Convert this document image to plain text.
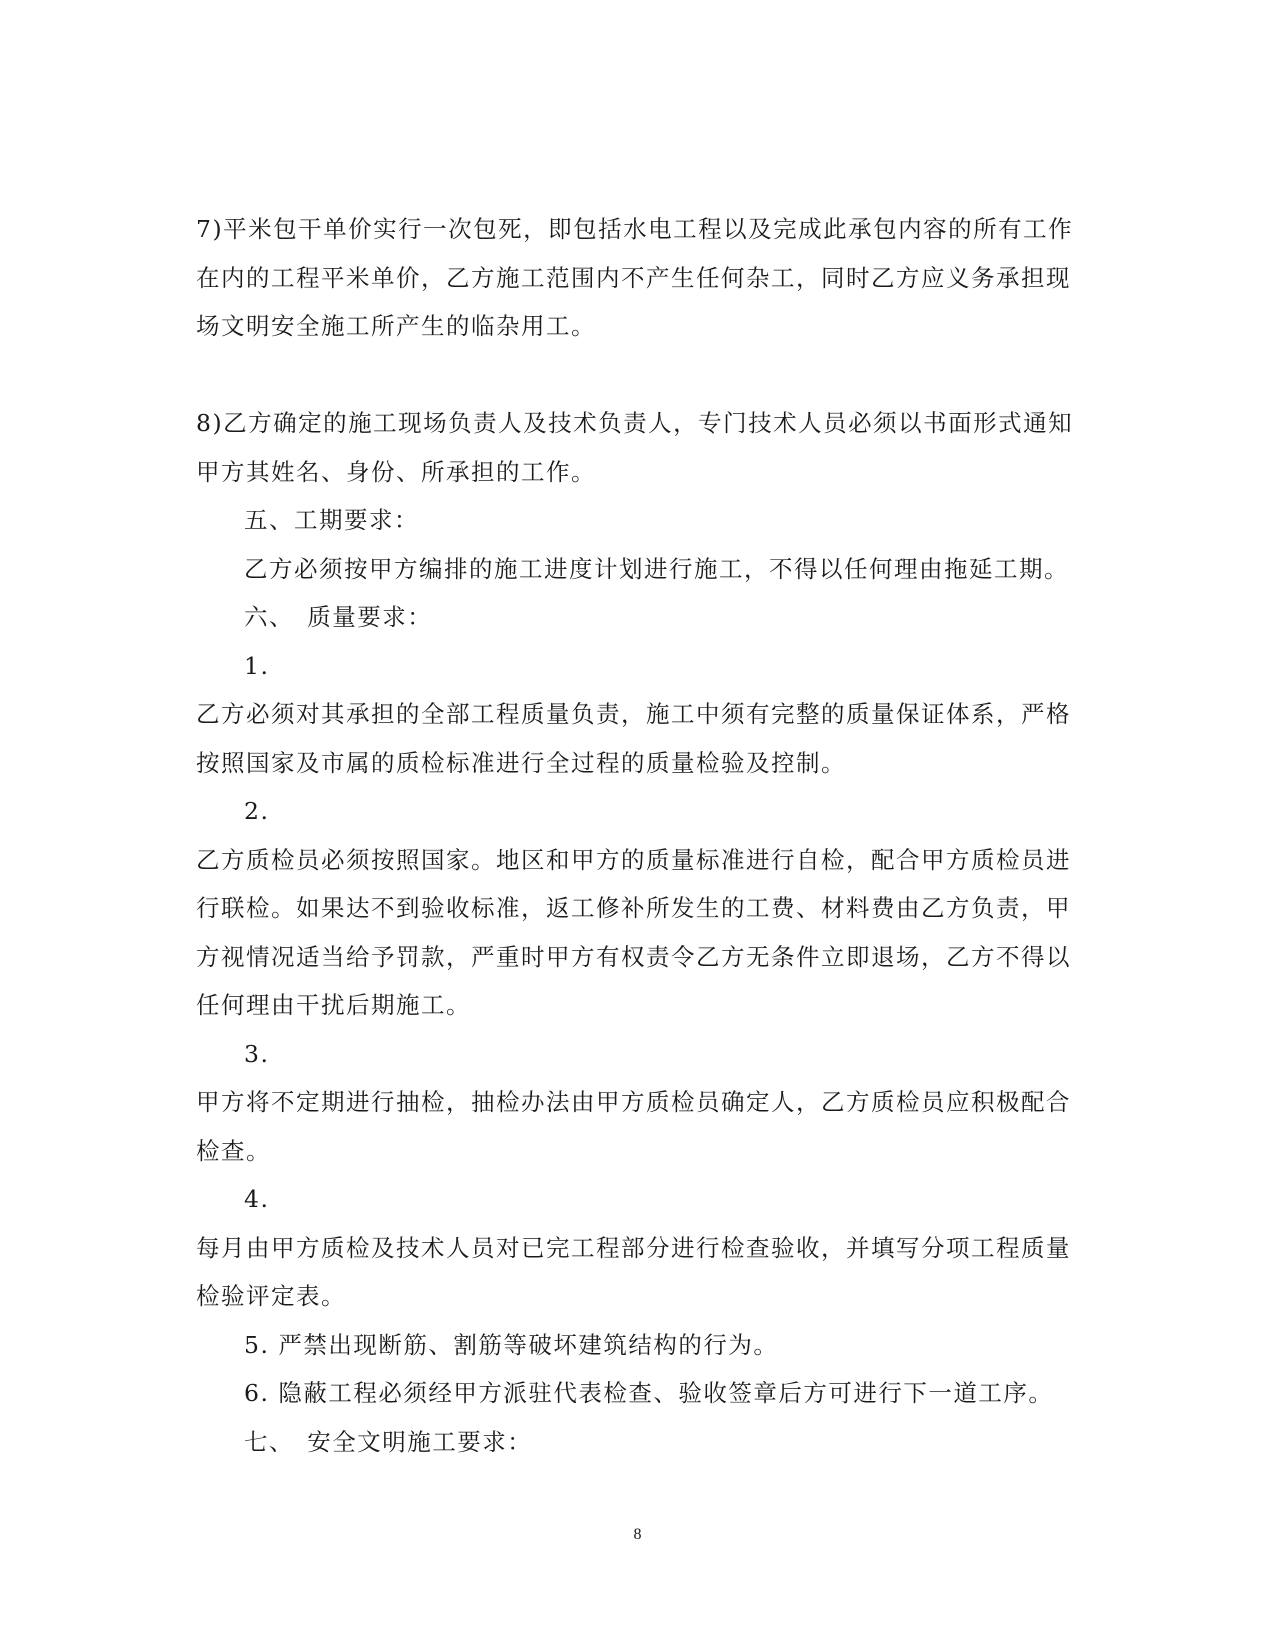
7)平米包干单价实行一次包死，即包括水电工程以及完成此承包内容的所有工作在内的工程平米单价，乙方施工范围内不产生任何杂工，同时乙方应义务承担现场文明安全施工所产生的临杂用工。

8)乙方确定的施工现场负责人及技术负责人，专门技术人员必须以书面形式通知甲方其姓名、身份、所承担的工作。

五、工期要求：

乙方必须按甲方编排的施工进度计划进行施工，不得以任何理由拖延工期。

六、　质量要求：

1.

乙方必须对其承担的全部工程质量负责，施工中须有完整的质量保证体系，严格按照国家及市属的质检标准进行全过程的质量检验及控制。

2.

乙方质检员必须按照国家。地区和甲方的质量标准进行自检，配合甲方质检员进行联检。如果达不到验收标准，返工修补所发生的工费、材料费由乙方负责，甲方视情况适当给予罚款，严重时甲方有权责令乙方无条件立即退场，乙方不得以任何理由干扰后期施工。

3.

甲方将不定期进行抽检，抽检办法由甲方质检员确定人，乙方质检员应积极配合检查。

4.

每月由甲方质检及技术人员对已完工程部分进行检查验收，并填写分项工程质量检验评定表。

5. 严禁出现断筋、割筋等破坏建筑结构的行为。

6. 隐蔽工程必须经甲方派驻代表检查、验收签章后方可进行下一道工序。

七、　安全文明施工要求：

8
